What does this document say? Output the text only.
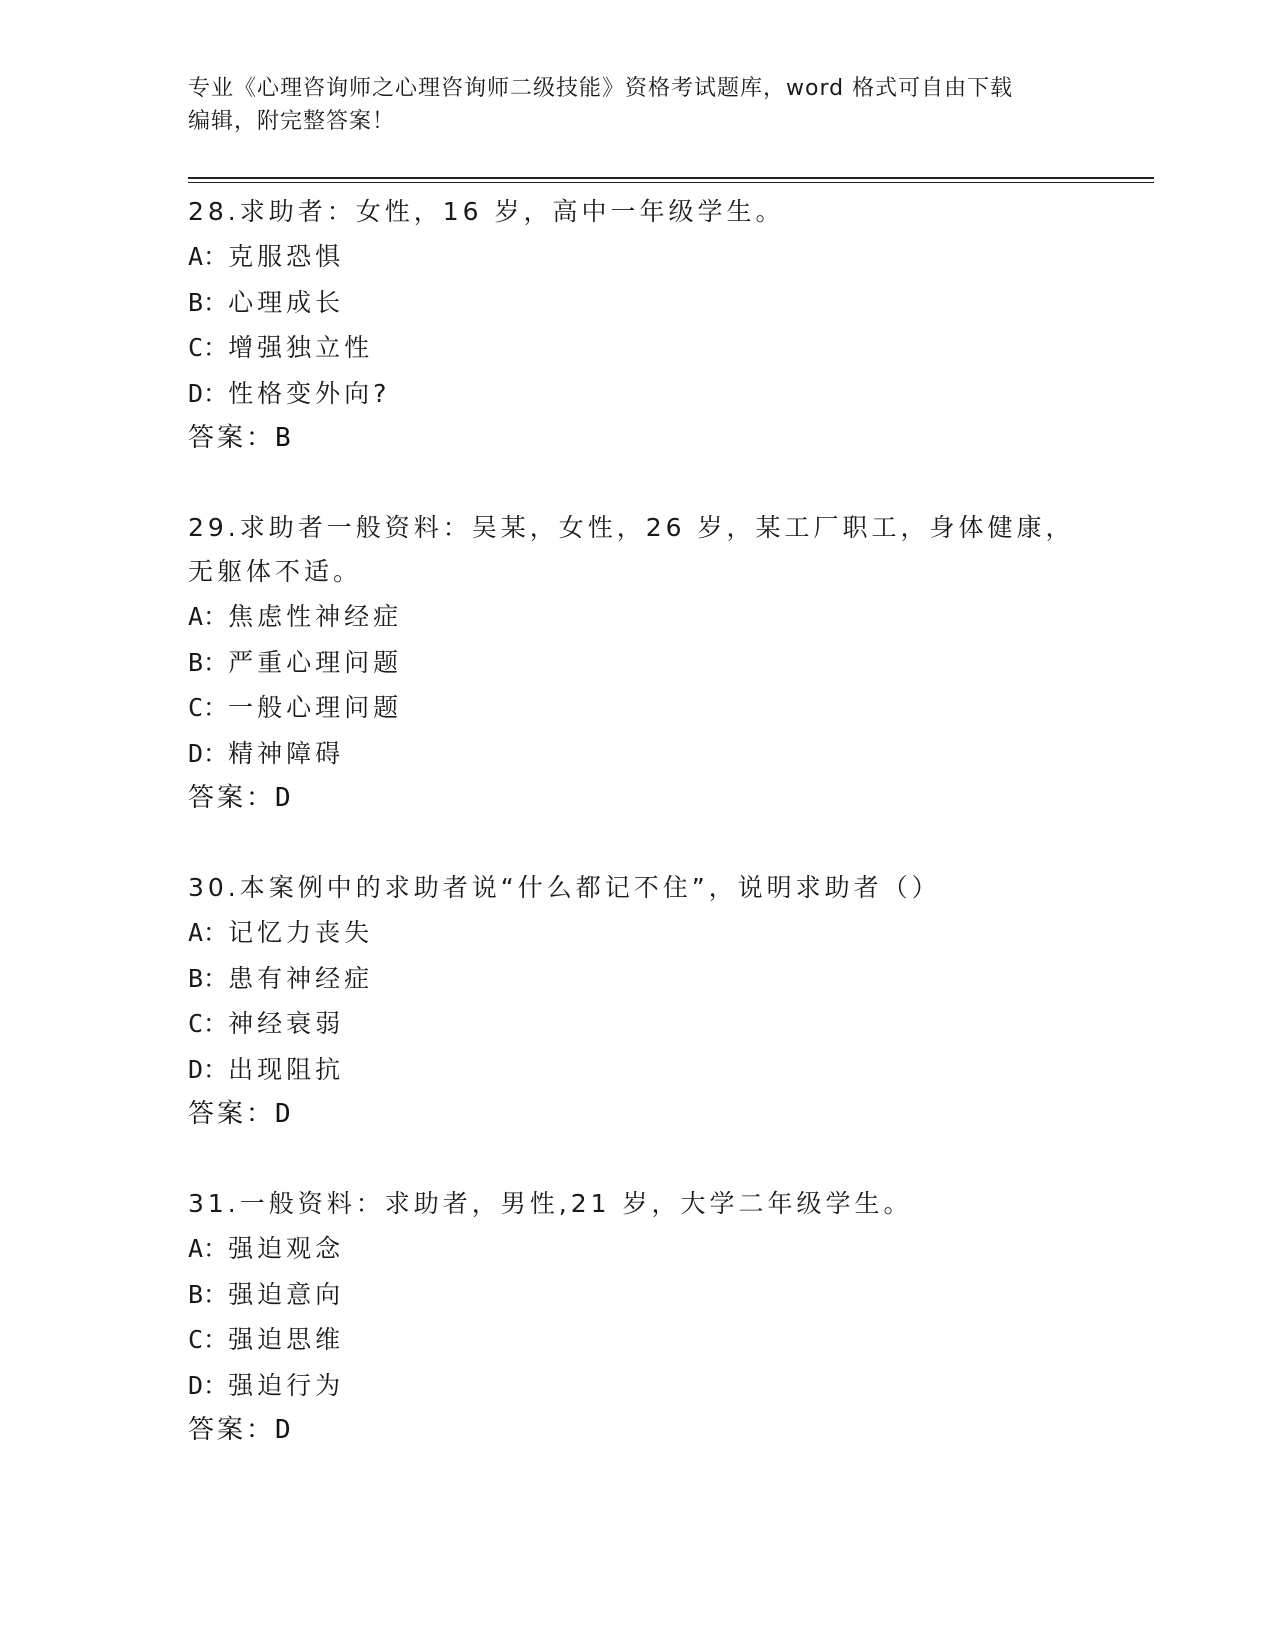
专业《心理咨询师之心理咨询师二级技能》资格考试题库，word 格式可自由下载
编辑，附完整答案！

28.求助者：女性，16 岁，高中一年级学生。

A：克服恐惧

B：心理成长

C：增强独立性

D：性格变外向?

答案：B

29.求助者一般资料：吴某，女性，26 岁，某工厂职工，身体健康，无躯体不适。

A：焦虑性神经症

B：严重心理问题

C：一般心理问题

D：精神障碍

答案：D

30.本案例中的求助者说“什么都记不住”，说明求助者（）

A：记忆力丧失

B：患有神经症

C：神经衰弱

D：出现阻抗

答案：D

31.一般资料：求助者，男性,21 岁，大学二年级学生。

A：强迫观念

B：强迫意向

C：强迫思维

D：强迫行为

答案：D
